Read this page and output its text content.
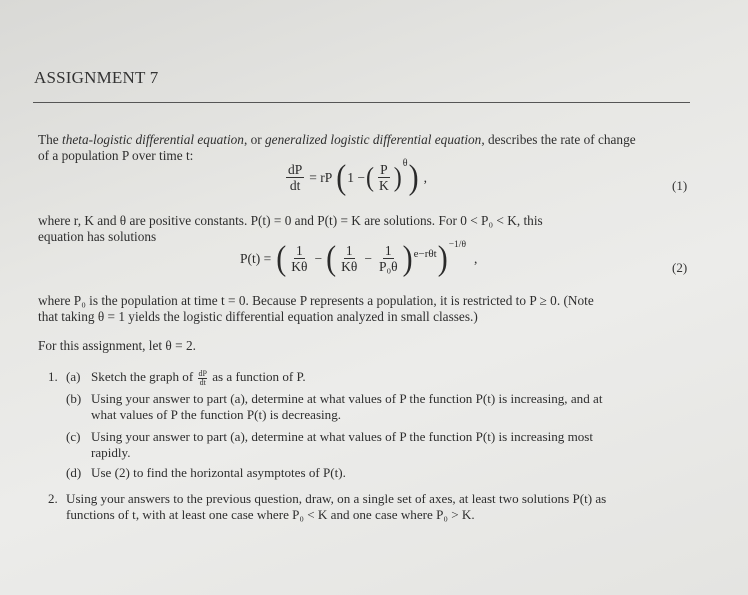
ASSIGNMENT 7
The theta-logistic differential equation, or generalized logistic differential equation, describes the rate of change
of a population P over time t:
$\frac{dP}{dt}$ = rP ( 1 − ( $\frac{P}{K} )^\theta$ ) ,
(1)
where r, K and θ are positive constants. P(t) = 0 and P(t) = K are solutions. For 0 < P₀ < K, this
equation has solutions
P(t) = ( $\frac{1}{K\theta}$ − ( $\frac{1}{K\theta} - \frac{1}{\text{P₀θ}}$ ) e−rθt )$^{-1/\theta}$
,
(2)
where P₀ is the population at time t = 0. Because P represents a population, it is restricted to P ≥ 0. (Note
that taking θ = 1 yields the logistic differential equation analyzed in small classes.)
For this assignment, let θ = 2.
1. (a) Sketch the graph of $\frac{dP}{dt}$ as a function of P.
(b) Using your answer to part (a), determine at what values of P the function P(t) is increasing, and at
what values of P the function P(t) is decreasing.
(c) Using your answer to part (a), determine at what values of P the function P(t) is increasing most
rapidly.
(d) Use (2) to find the horizontal asymptotes of P(t).
2. Using your answers to the previous question, draw, on a single set of axes, at least two solutions P(t) as
functions of t, with at least one case where P₀ < K and one case where P₀ > K.
